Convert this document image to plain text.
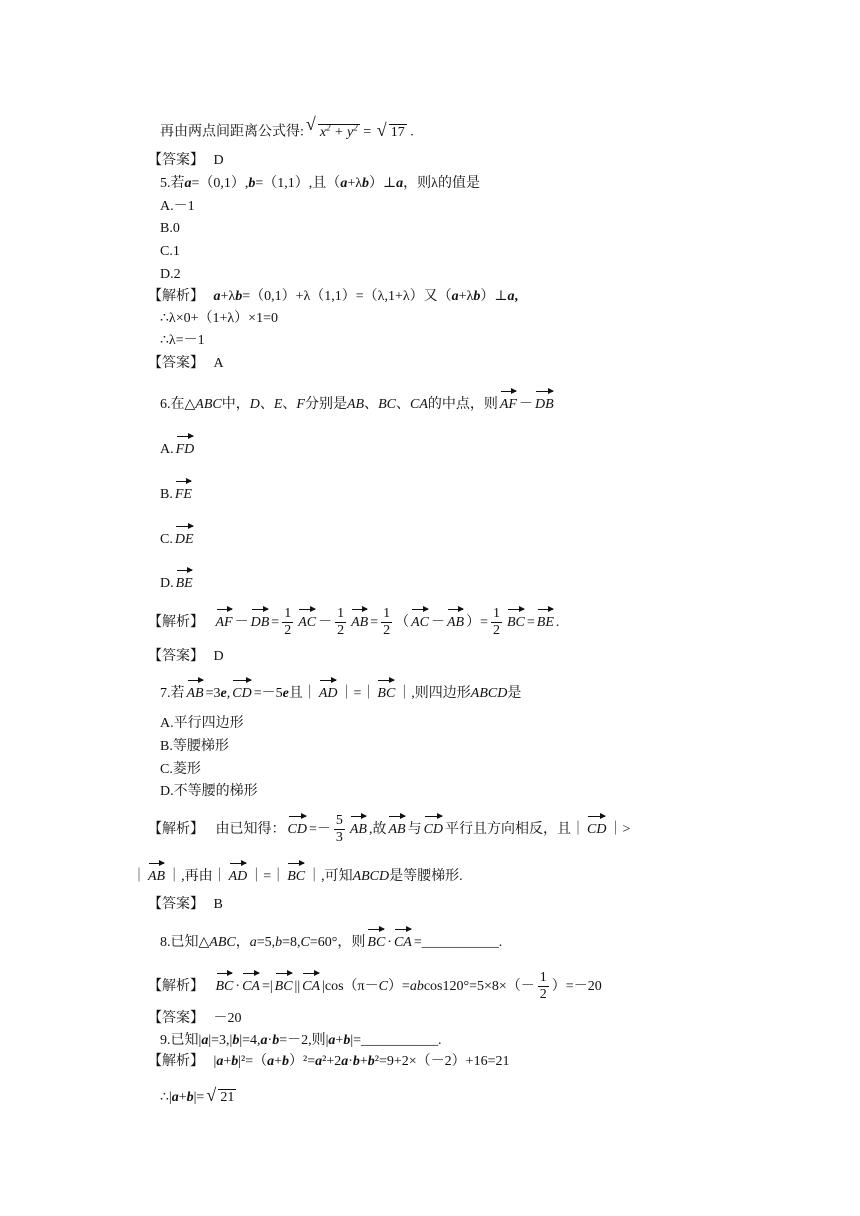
再由两点间距离公式得: √ $x^2 + y^2$ = √ 17 .
【答案】 D
5.若a=（0,1）,b=（1,1）,且（a+λb）⊥a，则λ的值是
A.－1
B.0
C.1
D.2
【解析】 a+λb=（0,1）+λ（1,1）=（λ,1+λ）又（a+λb）⊥a,
∴λ×0+（1+λ）×1=0
∴λ=－1
【答案】 A
6.在△ABC中，D、E、F分别是AB、BC、CA的中点，则 AF － DB
A. FD
B. FE
C. DE
D. BE
【解析】 AF － DB = $\frac{1}{2}$ AC － $\frac{1}{2}$ AB = $\frac{1}{2}$ （ AC － AB ）= $\frac{1}{2}$ BC = BE .
【答案】 D
7.若 AB =3e, CD =－5e且｜ AD ｜=｜ BC ｜,则四边形ABCD是
A.平行四边形
B.等腰梯形
C.菱形
D.不等腰的梯形
【解析】 由已知得： CD =－ $\frac{5}{3}$ AB ,故 AB 与 CD 平行且方向相反，且｜ CD ｜>
｜ AB ｜,再由｜ AD ｜=｜ BC ｜,可知ABCD是等腰梯形.
【答案】 B
8.已知△ABC，a=5,b=8,C=60°，则 BC · CA =___________.
【解析】 BC · CA =| BC || CA $|\cos(\pi-C)=abcos120^\circ=5\times 8\times(- \frac{1}{2} )=-20$
【答案】 －20
9.已知|a|=3,|b|=4,a·b=－2,则|a+b|=___________.
【解析】 |a+b|²=（a+b）²=a²+2a·b+b²=9+2×（－2）+16=21
∴|a+b|= √ 21
